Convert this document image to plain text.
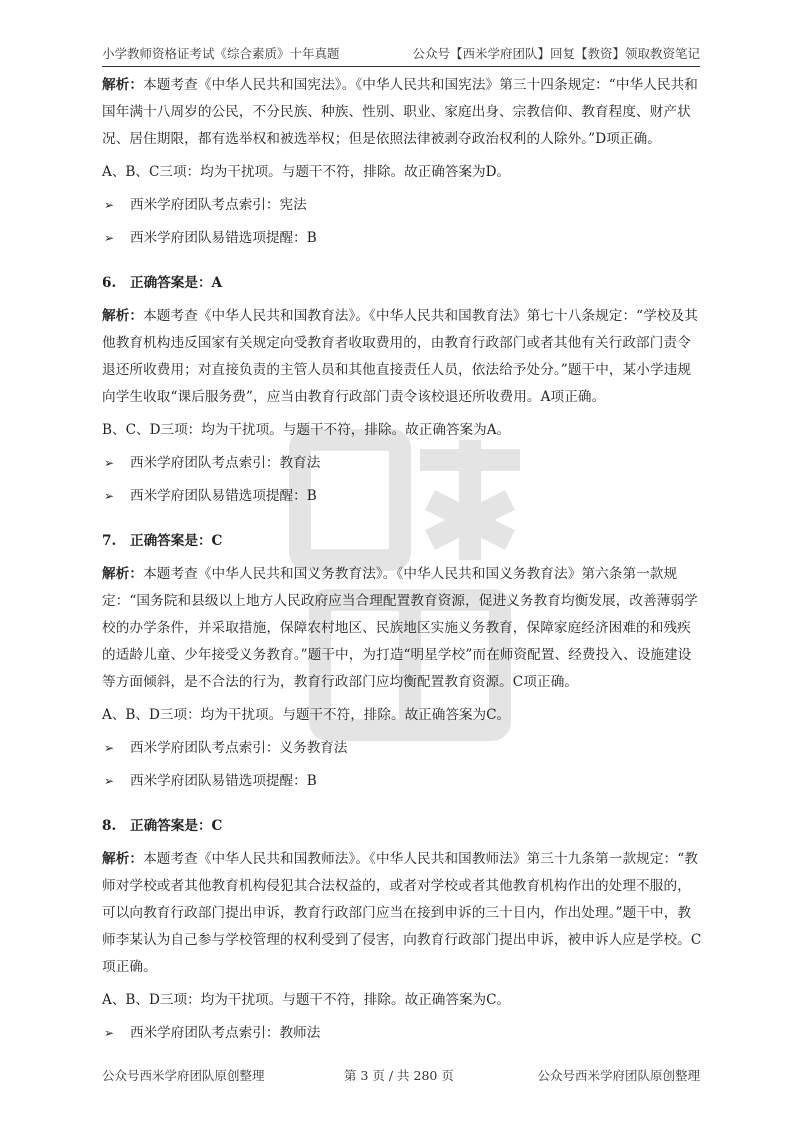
小学教师资格证考试《综合素质》十年真题	公众号【西米学府团队】回复【教资】领取教资笔记
解析：本题考查《中华人民共和国宪法》。《中华人民共和国宪法》第三十四条规定：“中华人民共和国年满十八周岁的公民，不分民族、种族、性别、职业、家庭出身、宗教信仰、教育程度、财产状况、居住期限，都有选举权和被选举权；但是依照法律被剥夺政治权利的人除外。”D项正确。
A、B、C三项：均为干扰项。与题干不符，排除。故正确答案为D。
➢ 西米学府团队考点索引：宪法
➢ 西米学府团队易错选项提醒：B
6. 正确答案是：A
解析：本题考查《中华人民共和国教育法》。《中华人民共和国教育法》第七十八条规定：“学校及其他教育机构违反国家有关规定向受教育者收取费用的，由教育行政部门或者其他有关行政部门责令退还所收费用；对直接负责的主管人员和其他直接责任人员，依法给予处分。”题干中，某小学违规向学生收取“课后服务费”，应当由教育行政部门责令该校退还所收费用。A项正确。
B、C、D三项：均为干扰项。与题干不符，排除。故正确答案为A。
➢ 西米学府团队考点索引：教育法
➢ 西米学府团队易错选项提醒：B
7. 正确答案是：C
解析：本题考查《中华人民共和国义务教育法》。《中华人民共和国义务教育法》第六条第一款规定：“国务院和县级以上地方人民政府应当合理配置教育资源，促进义务教育均衡发展，改善薄弱学校的办学条件，并采取措施，保障农村地区、民族地区实施义务教育，保障家庭经济困难的和残疾的适龄儿童、少年接受义务教育。”题干中，为打造“明星学校”而在师资配置、经费投入、设施建设等方面倾斜，是不合法的行为，教育行政部门应均衡配置教育资源。C项正确。
A、B、D三项：均为干扰项。与题干不符，排除。故正确答案为C。
➢ 西米学府团队考点索引：义务教育法
➢ 西米学府团队易错选项提醒：B
8. 正确答案是：C
解析：本题考查《中华人民共和国教师法》。《中华人民共和国教师法》第三十九条第一款规定：“教师对学校或者其他教育机构侵犯其合法权益的，或者对学校或者其他教育机构作出的处理不服的，可以向教育行政部门提出申诉，教育行政部门应当在接到申诉的三十日内，作出处理。”题干中，教师李某认为自己参与学校管理的权利受到了侵害，向教育行政部门提出申诉，被申诉人应是学校。C项正确。
A、B、D三项：均为干扰项。与题干不符，排除。故正确答案为C。
➢ 西米学府团队考点索引：教师法
公众号西米学府团队原创整理	第 3 页 / 共 280 页	公众号西米学府团队原创整理
